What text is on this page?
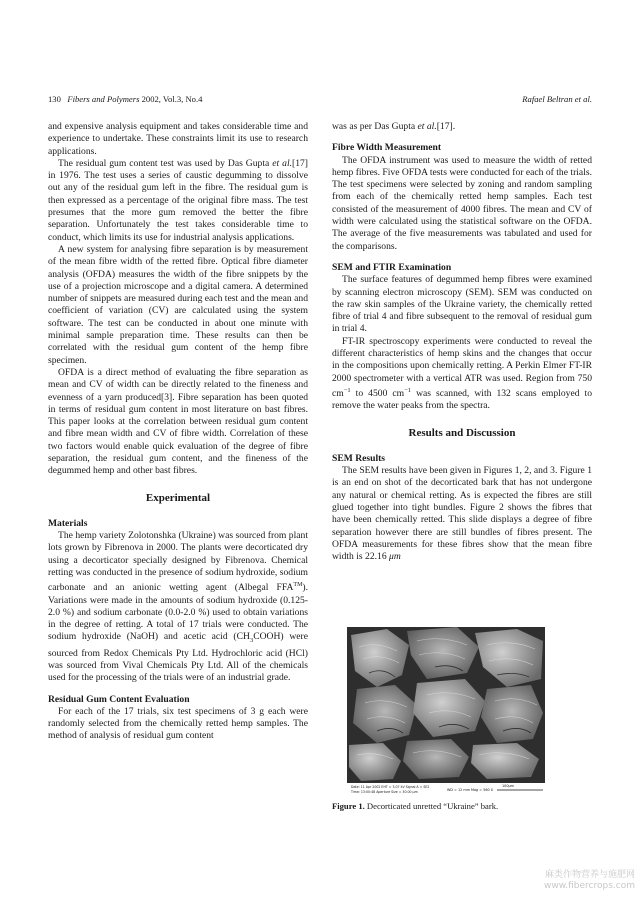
130 Fibers and Polymers 2002, Vol.3, No.4	Rafael Beltran et al.

and expensive analysis equipment and takes considerable time and experience to undertake. These constraints limit its use to research applications.

The residual gum content test was used by Das Gupta et al.[17] in 1976. The test uses a series of caustic degumming to dissolve out any of the residual gum left in the fibre. The residual gum is then expressed as a percentage of the original fibre mass. The test presumes that the more gum removed the better the fibre separation. Unfortunately the test takes considerable time to conduct, which limits its use for industrial analysis applications.

A new system for analysing fibre separation is by measurement of the mean fibre width of the retted fibre. Optical fibre diameter analysis (OFDA) measures the width of the fibre snippets by the use of a projection microscope and a digital camera. A determined number of snippets are measured during each test and the mean and coefficient of variation (CV) are calculated using the system software. The test can be conducted in about one minute with minimal sample preparation time. These results can then be correlated with the residual gum content of the hemp fibre specimen.

OFDA is a direct method of evaluating the fibre separation as mean and CV of width can be directly related to the fineness and evenness of a yarn produced[3]. Fibre separation has been quoted in terms of residual gum content in most literature on bast fibres. This paper looks at the correlation between residual gum content and fibre mean width and CV of fibre width. Correlation of these two factors would enable quick evaluation of the degree of fibre separation, the residual gum content, and the fineness of the degummed hemp and other bast fibres.

Experimental
Materials

The hemp variety Zolotonshka (Ukraine) was sourced from plant lots grown by Fibrenova in 2000. The plants were decorticated dry using a decorticator specially designed by Fibrenova. Chemical retting was conducted in the presence of sodium hydroxide, sodium carbonate and an anionic wetting agent (Albegal FFA™). Variations were made in the amounts of sodium hydroxide (0.125-2.0 %) and sodium carbonate (0.0-2.0 %) used to obtain variations in the degree of retting. A total of 17 trials were conducted. The sodium hydroxide (NaOH) and acetic acid $(CH_3COOH)$ were sourced from Redox Chemicals Pty Ltd. Hydrochloric acid (HCl) was sourced from Vival Chemicals Pty Ltd. All of the chemicals used for the processing of the trials were of an industrial grade.

Residual Gum Content Evaluation

For each of the 17 trials, six test specimens of 3 g each were randomly selected from the chemically retted hemp samples. The method of analysis of residual gum content

was as per Das Gupta et al.[17].

Fibre Width Measurement

The OFDA instrument was used to measure the width of retted hemp fibres. Five OFDA tests were conducted for each of the trials. The test specimens were selected by zoning and random sampling from each of the chemically retted hemp samples. Each test consisted of the measurement of 4000 fibres. The mean and CV of width were calculated using the statistical software on the OFDA. The average of the five measurements was tabulated and used for the comparisons.

SEM and FTIR Examination

The surface features of degummed hemp fibres were examined by scanning electron microscopy (SEM). SEM was conducted on the raw skin samples of the Ukraine variety, the chemically retted fibre of trial 4 and fibre subsequent to the removal of residual gum in trial 4.

FT-IR spectroscopy experiments were conducted to reveal the different characteristics of hemp skins and the changes that occur in the compositions upon chemically retting. A Perkin Elmer FT-IR 2000 spectrometer with a vertical ATR was used. Region from 750 $cm^{-1}$ to 4500 $cm^{-1}$ was scanned, with 132 scans employed to remove the water peaks from the spectra.

Results and Discussion
SEM Results

The SEM results have been given in Figures 1, 2, and 3. Figure 1 is an end on shot of the decorticated bark that has not undergone any natural or chemical retting. As is expected the fibres are still glued together into tight bundles. Figure 2 shows the fibres that have been chemically retted. This slide displays a degree of fibre separation however there are still bundles of fibres present. The OFDA measurements for these fibres show that the mean fibre width is 22.16 μm

Date: 11 Apr 2002 EHT = 3.07 kV Signal A = SE2
Time: 13:00:48 Aperture Size = 30.00 μm	WD = 12 mm Mag = 560 X
100μm
Figure 1. Decorticated unretted “Ukraine” bark.
麻类作物营养与施肥网
www.fibercrops.com
